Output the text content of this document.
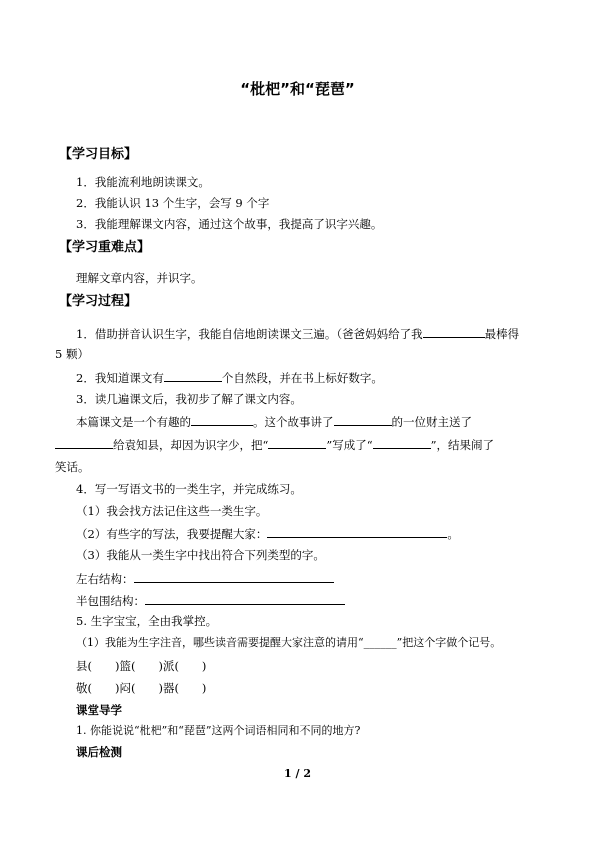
“枇杷”和“琵琶”
【学习目标】
1．我能流利地朗读课文。
2．我能认识 13 个生字，会写 9 个字
3．我能理解课文内容，通过这个故事，我提高了识字兴趣。
【学习重难点】
理解文章内容，并识字。
【学习过程】
1．借助拼音认识生字，我能自信地朗读课文三遍。（爸爸妈妈给了我	最棒得
5 颗）
2．我知道课文有	个自然段，并在书上标好数字。
3．读几遍课文后，我初步了解了课文内容。
本篇课文是一个有趣的	。这个故事讲了	的一位财主送了
给袁知县，却因为识字少，把“	”写成了“	”，结果闹了
笑话。
4．写一写语文书的一类生字，并完成练习。
（1）我会找方法记住这些一类生字。
（2）有些字的写法，我要提醒大家：	。
（3）我能从一类生字中找出符合下列类型的字。
左右结构：
半包围结构：
5. 生字宝宝，全由我掌控。
（1）我能为生字注音，哪些读音需要提醒大家注意的请用“______”把这个字做个记号。
县(　　)篮(　　)派(　　)
敬(　　)闷(　　)器(　　)
课堂导学
1. 你能说说“枇杷”和“琵琶”这两个词语相同和不同的地方?
课后检测
1 / 2
